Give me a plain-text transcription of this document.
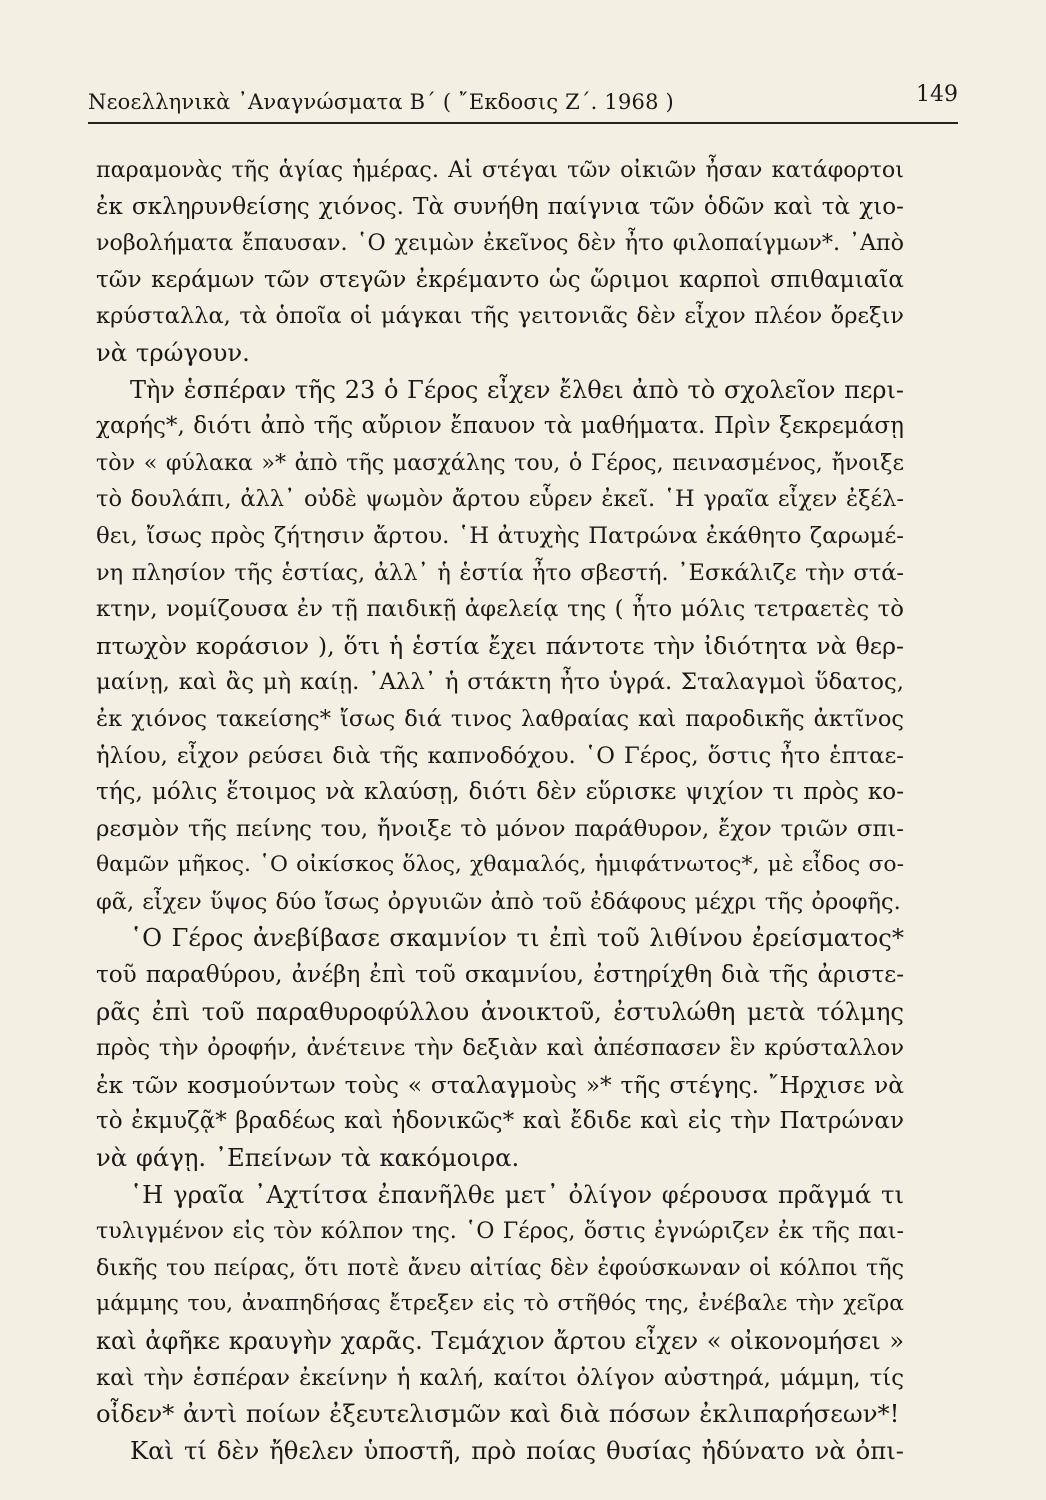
Νεοελληνικὰ ᾽Αναγνώσματα Β΄ ( ῎Εκδοσις Ζ΄. 1968 )	149
παραμονὰς τῆς ἁγίας ἡμέρας. Αἱ στέγαι τῶν οἰκιῶν ἦσαν κατάφορτοι
ἐκ σκληρυνθείσης χιόνος. Τὰ συνήθη παίγνια τῶν ὁδῶν καὶ τὰ χιο-
νοβολήματα ἔπαυσαν. ῾Ο χειμὼν ἐκεῖνος δὲν ἦτο φιλοπαίγμων*. ᾽Απὸ
τῶν κεράμων τῶν στεγῶν ἐκρέμαντο ὡς ὥριμοι καρποὶ σπιθαμιαῖα
κρύσταλλα, τὰ ὁποῖα οἱ μάγκαι τῆς γειτονιᾶς δὲν εἶχον πλέον ὄρεξιν
νὰ τρώγουν.
Τὴν ἑσπέραν τῆς 23 ὁ Γέρος εἶχεν ἔλθει ἀπὸ τὸ σχολεῖον περι-
χαρής*, διότι ἀπὸ τῆς αὔριον ἔπαυον τὰ μαθήματα. Πρὶν ξεκρεμάσῃ
τὸν « φύλακα »* ἀπὸ τῆς μασχάλης του, ὁ Γέρος, πεινασμένος, ἤνοιξε
τὸ δουλάπι, ἀλλ᾽ οὐδὲ ψωμὸν ἄρτου εὗρεν ἐκεῖ. ῾Η γραῖα εἶχεν ἐξέλ-
θει, ἴσως πρὸς ζήτησιν ἄρτου. ῾Η ἀτυχὴς Πατρώνα ἐκάθητο ζαρωμέ-
νη πλησίον τῆς ἑστίας, ἀλλ᾽ ἡ ἑστία ἦτο σβεστή. ᾽Εσκάλιζε τὴν στά-
κτην, νομίζουσα ἐν τῇ παιδικῇ ἀφελείᾳ της ( ἦτο μόλις τετραετὲς τὸ
πτωχὸν κοράσιον ), ὅτι ἡ ἑστία ἔχει πάντοτε τὴν ἰδιότητα νὰ θερ-
μαίνῃ, καὶ ἂς μὴ καίῃ. ᾽Αλλ᾽ ἡ στάκτη ἦτο ὑγρά. Σταλαγμοὶ ὕδατος,
ἐκ χιόνος τακείσης* ἴσως διά τινος λαθραίας καὶ παροδικῆς ἀκτῖνος
ἡλίου, εἶχον ρεύσει διὰ τῆς καπνοδόχου. ῾Ο Γέρος, ὅστις ἦτο ἑπταε-
τής, μόλις ἕτοιμος νὰ κλαύσῃ, διότι δὲν εὕρισκε ψιχίον τι πρὸς κο-
ρεσμὸν τῆς πείνης του, ἤνοιξε τὸ μόνον παράθυρον, ἔχον τριῶν σπι-
θαμῶν μῆκος. ῾Ο οἰκίσκος ὅλος, χθαμαλός, ἡμιφάτνωτος*, μὲ εἶδος σο-
φᾶ, εἶχεν ὕψος δύο ἴσως ὀργυιῶν ἀπὸ τοῦ ἐδάφους μέχρι τῆς ὀροφῆς.
῾Ο Γέρος ἀνεβίβασε σκαμνίον τι ἐπὶ τοῦ λιθίνου ἐρείσματος*
τοῦ παραθύρου, ἀνέβη ἐπὶ τοῦ σκαμνίου, ἐστηρίχθη διὰ τῆς ἀριστε-
ρᾶς ἐπὶ τοῦ παραθυροφύλλου ἀνοικτοῦ, ἐστυλώθη μετὰ τόλμης
πρὸς τὴν ὀροφήν, ἀνέτεινε τὴν δεξιὰν καὶ ἀπέσπασεν ἓν κρύσταλλον
ἐκ τῶν κοσμούντων τοὺς « σταλαγμοὺς »* τῆς στέγης. ῎Ηρχισε νὰ
τὸ ἐκμυζᾷ* βραδέως καὶ ἡδονικῶς* καὶ ἔδιδε καὶ εἰς τὴν Πατρώναν
νὰ φάγῃ. ᾽Επείνων τὰ κακόμοιρα.
῾Η γραῖα ᾽Αχτίτσα ἐπανῆλθε μετ᾽ ὀλίγον φέρουσα πρᾶγμά τι
τυλιγμένον εἰς τὸν κόλπον της. ῾Ο Γέρος, ὅστις ἐγνώριζεν ἐκ τῆς παι-
δικῆς του πείρας, ὅτι ποτὲ ἄνευ αἰτίας δὲν ἐφούσκωναν οἱ κόλποι τῆς
μάμμης του, ἀναπηδήσας ἔτρεξεν εἰς τὸ στῆθός της, ἐνέβαλε τὴν χεῖρα
καὶ ἀφῆκε κραυγὴν χαρᾶς. Τεμάχιον ἄρτου εἶχεν « οἰκονομήσει »
καὶ τὴν ἑσπέραν ἐκείνην ἡ καλή, καίτοι ὀλίγον αὐστηρά, μάμμη, τίς
οἶδεν* ἀντὶ ποίων ἐξευτελισμῶν καὶ διὰ πόσων ἐκλιπαρήσεων*!
Καὶ τί δὲν ἤθελεν ὑποστῆ, πρὸ ποίας θυσίας ἠδύνατο νὰ ὀπι-
